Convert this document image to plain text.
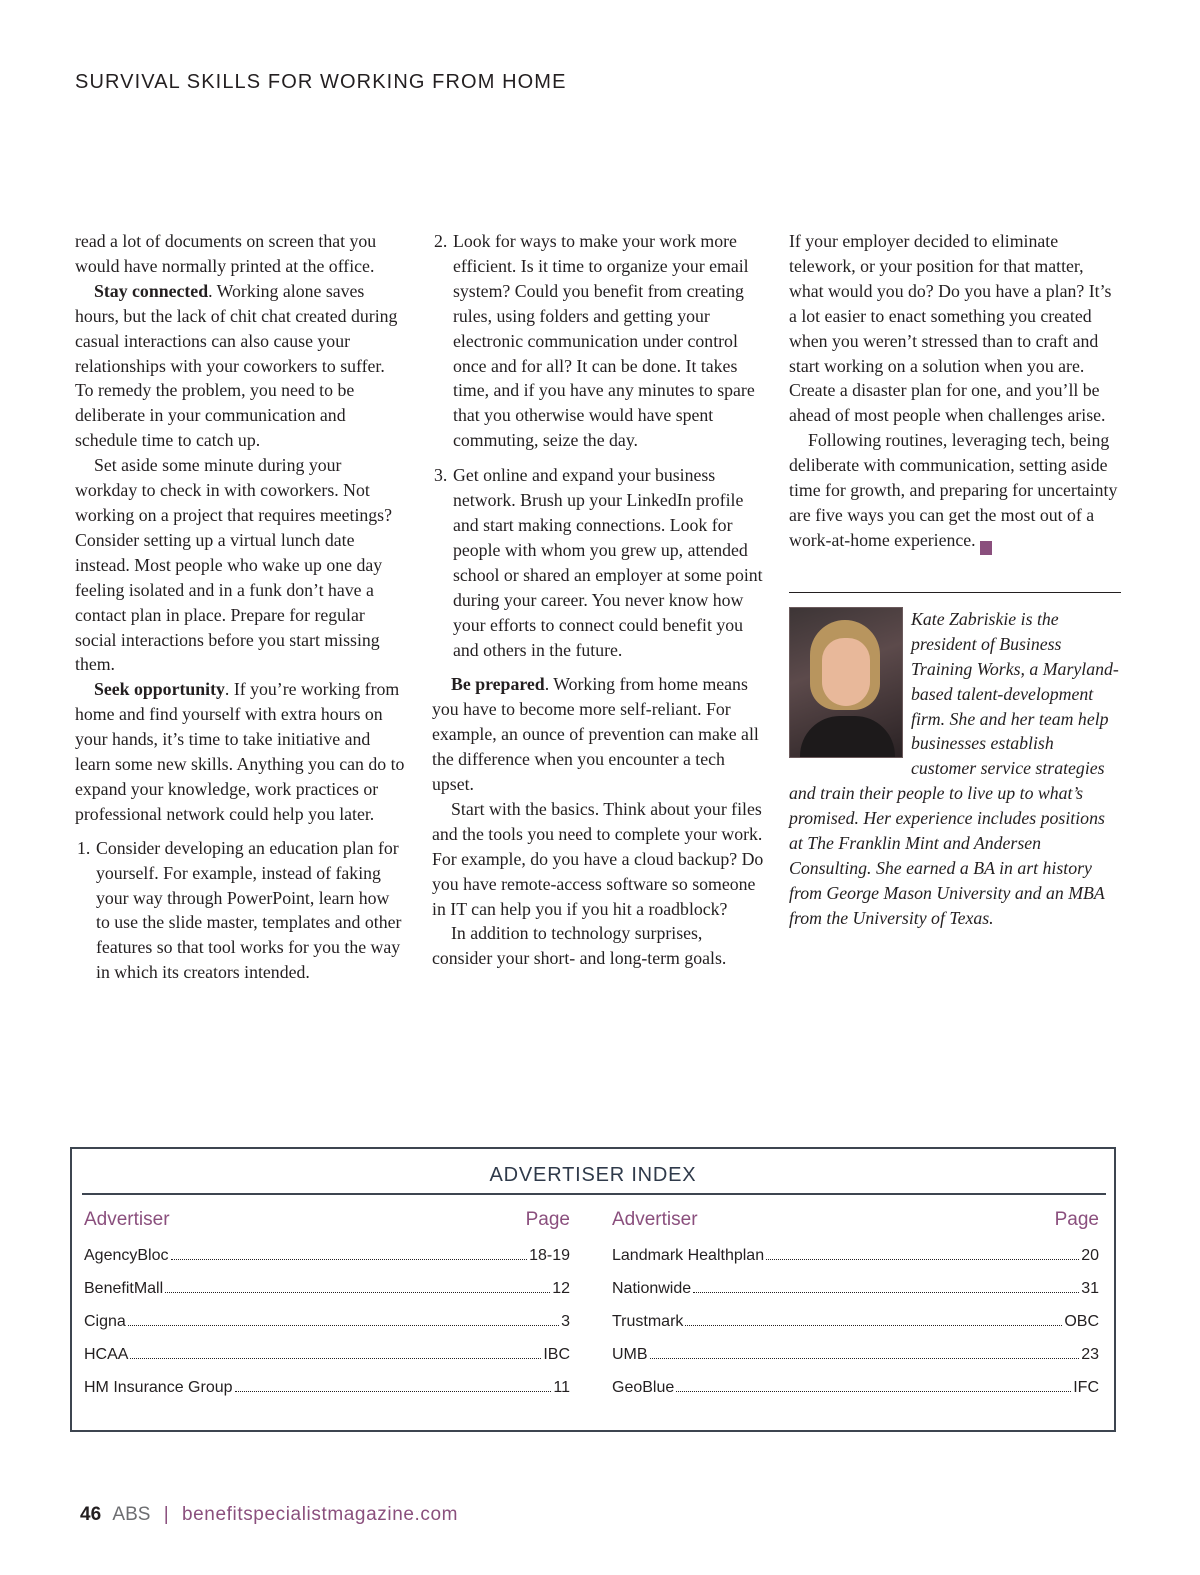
SURVIVAL SKILLS FOR WORKING FROM HOME

read a lot of documents on screen that you would have normally printed at the office.

Stay connected. Working alone saves hours, but the lack of chit chat created during casual interactions can also cause your relationships with your coworkers to suffer. To remedy the problem, you need to be deliberate in your communication and schedule time to catch up.

Set aside some minute during your workday to check in with coworkers. Not working on a project that requires meetings? Consider setting up a virtual lunch date instead. Most people who wake up one day feeling isolated and in a funk don’t have a contact plan in place. Prepare for regular social interactions before you start missing them.

Seek opportunity. If you’re working from home and find yourself with extra hours on your hands, it’s time to take initiative and learn some new skills. Anything you can do to expand your knowledge, work practices or professional network could help you later.

1. Consider developing an education plan for yourself. For example, instead of faking your way through PowerPoint, learn how to use the slide master, templates and other features so that tool works for you the way in which its creators intended.
2. Look for ways to make your work more efficient. Is it time to organize your email system? Could you benefit from creating rules, using folders and getting your electronic communication under control once and for all? It can be done. It takes time, and if you have any minutes to spare that you otherwise would have spent commuting, seize the day.
3. Get online and expand your business network. Brush up your LinkedIn profile and start making connections. Look for people with whom you grew up, attended school or shared an employer at some point during your career. You never know how your efforts to connect could benefit you and others in the future.

Be prepared. Working from home means you have to become more self-reliant. For example, an ounce of prevention can make all the difference when you encounter a tech upset.

Start with the basics. Think about your files and the tools you need to complete your work. For example, do you have a cloud backup? Do you have remote-access software so someone in IT can help you if you hit a roadblock?

In addition to technology surprises, consider your short- and long-term goals.

If your employer decided to eliminate telework, or your position for that matter, what would you do? Do you have a plan? It’s a lot easier to enact something you created when you weren’t stressed than to craft and start working on a solution when you are. Create a disaster plan for one, and you’ll be ahead of most people when challenges arise.

Following routines, leveraging tech, being deliberate with communication, setting aside time for growth, and preparing for uncertainty are five ways you can get the most out of a work-at-home experience.	ABS

Kate Zabriskie is the president of Business Training Works, a Maryland-based talent-development firm. She and her team help businesses establish customer service strategies and train their people to live up to what’s promised. Her experience includes positions at The Franklin Mint and Andersen Consulting. She earned a BA in art history from George Mason University and an MBA from the University of Texas.
ADVERTISER INDEX
Advertiser	Page
AgencyBloc	18-19
BenefitMall	12
Cigna	3
HCAA	IBC
HM Insurance Group	11
Advertiser	Page
Landmark Healthplan	20
Nationwide	31
Trustmark	OBC
UMB	23
GeoBlue	IFC
46 ABS | benefitspecialistmagazine.com
